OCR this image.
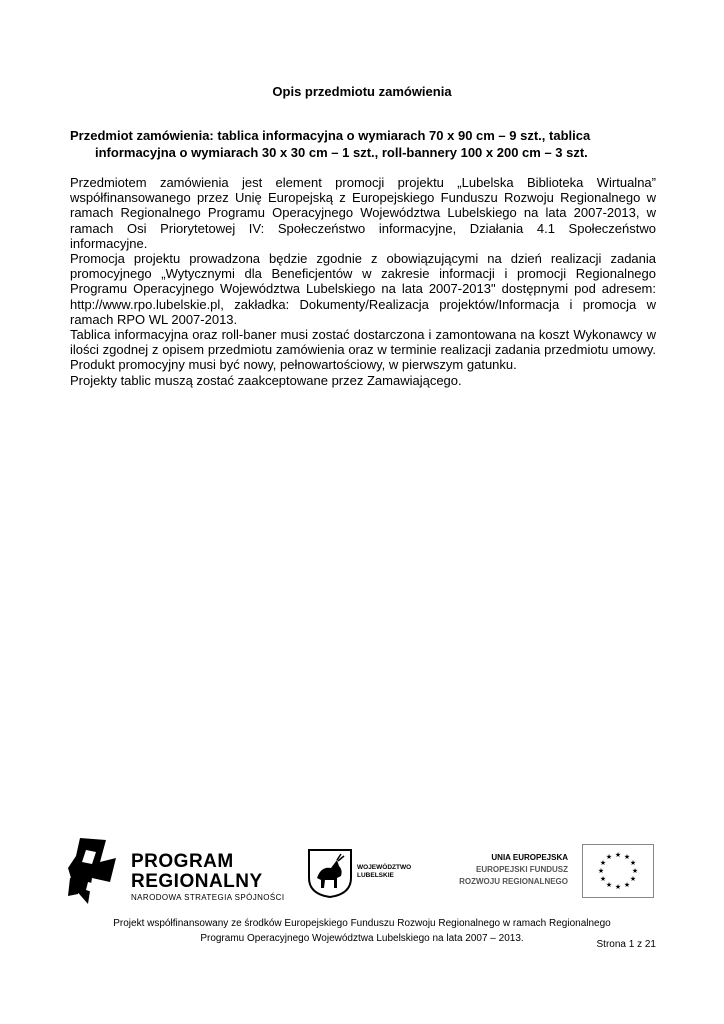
Opis przedmiotu zamówienia
Przedmiot zamówienia: tablica informacyjna o wymiarach 70 x 90 cm – 9 szt., tablica
informacyjna o wymiarach 30 x 30 cm – 1 szt., roll-bannery 100 x 200 cm – 3 szt.

Przedmiotem zamówienia jest element promocji projektu „Lubelska Biblioteka Wirtualna” współfinansowanego przez Unię Europejską z Europejskiego Funduszu Rozwoju Regionalnego w ramach Regionalnego Programu Operacyjnego Województwa Lubelskiego na lata 2007-2013, w ramach Osi Priorytetowej IV: Społeczeństwo informacyjne, Działania 4.1 Społeczeństwo informacyjne.

Promocja projektu prowadzona będzie zgodnie z obowiązującymi na dzień realizacji zadania promocyjnego „Wytycznymi dla Beneficjentów w zakresie informacji i promocji Regionalnego Programu Operacyjnego Województwa Lubelskiego na lata 2007-2013" dostępnymi pod adresem: http://www.rpo.lubelskie.pl, zakładka: Dokumenty/Realizacja projektów/Informacja i promocja w ramach RPO WL 2007-2013.

Tablica informacyjna oraz roll-baner musi zostać dostarczona i zamontowana na koszt Wykonawcy w ilości zgodnej z opisem przedmiotu zamówienia oraz w terminie realizacji zadania przedmiotu umowy. Produkt promocyjny musi być nowy, pełnowartościowy, w pierwszym gatunku.

Projekty tablic muszą zostać zaakceptowane przez Zamawiającego.

PROGRAM
REGIONALNY
NARODOWA STRATEGIA SPÓJNOŚCI
WOJEWÓDZTWO
LUBELSKIE
UNIA EUROPEJSKA
EUROPEJSKI FUNDUSZ
ROZWOJU REGIONALNEGO
★ ★
★
★
★
★
★
★
★
★
★
★
Projekt współfinansowany ze środków Europejskiego Funduszu Rozwoju Regionalnego w ramach Regionalnego
Programu Operacyjnego Województwa Lubelskiego na lata 2007 – 2013.
Strona 1 z 21
